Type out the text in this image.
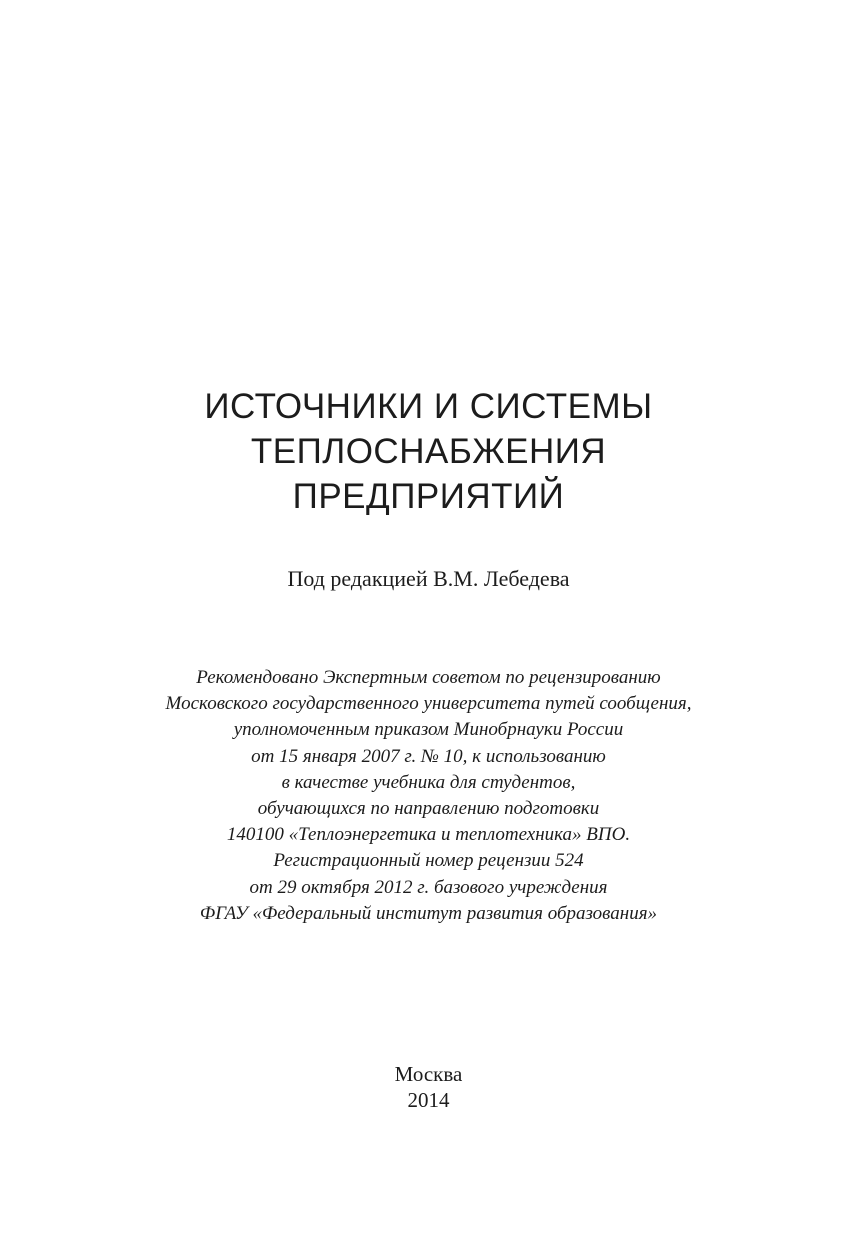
ИСТОЧНИКИ И СИСТЕМЫ
ТЕПЛОСНАБЖЕНИЯ
ПРЕДПРИЯТИЙ
Под редакцией В.М. Лебедева
Рекомендовано Экспертным советом по рецензированию
Московского государственного университета путей сообщения,
уполномоченным приказом Минобрнауки России
от 15 января 2007 г. № 10, к использованию
в качестве учебника для студентов,
обучающихся по направлению подготовки
140100 «Теплоэнергетика и теплотехника» ВПО.
Регистрационный номер рецензии 524
от 29 октября 2012 г. базового учреждения
ФГАУ «Федеральный институт развития образования»
Москва
2014
